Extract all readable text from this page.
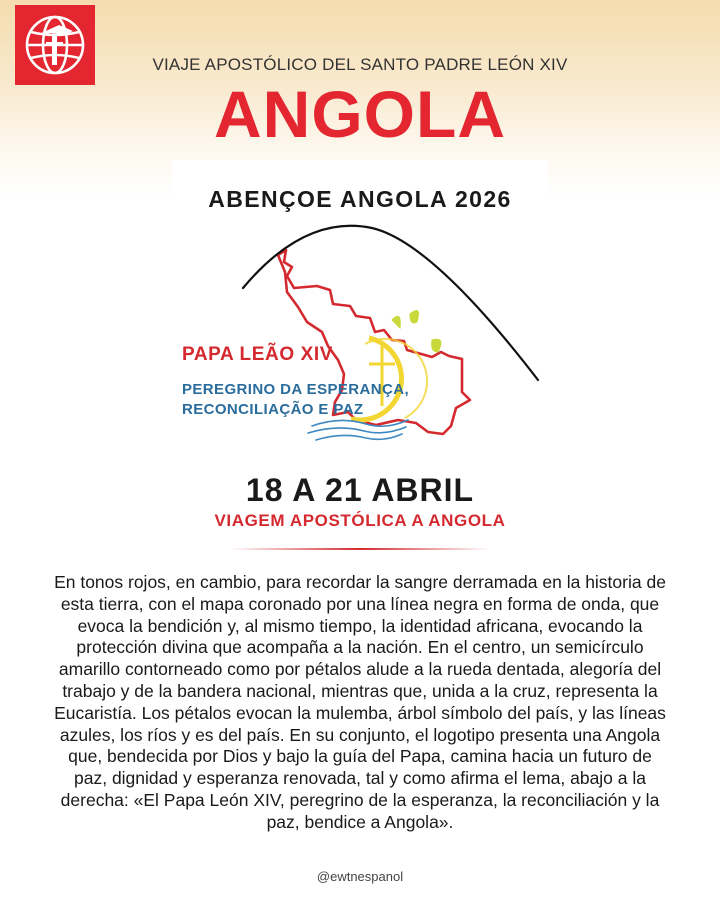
VIAJE APOSTÓLICO DEL SANTO PADRE LEÓN XIV
ANGOLA
ABENÇOE ANGOLA 2026
PAPA LEÃO XIV
PEREGRINO DA ESPERANÇA,
RECONCILIAÇÃO E PAZ
18 A 21 ABRIL
VIAGEM APOSTÓLICA A ANGOLA

En tonos rojos, en cambio, para recordar la sangre derramada en la historia de esta tierra, con el mapa coronado por una línea negra en forma de onda, que evoca la bendición y, al mismo tiempo, la identidad africana, evocando la protección divina que acompaña a la nación. En el centro, un semicírculo amarillo contorneado como por pétalos alude a la rueda dentada, alegoría del trabajo y de la bandera nacional, mientras que, unida a la cruz, representa la Eucaristía. Los pétalos evocan la mulemba, árbol símbolo del país, y las líneas azules, los ríos y es del país. En su conjunto, el logotipo presenta una Angola que, bendecida por Dios y bajo la guía del Papa, camina hacia un futuro de paz, dignidad y esperanza renovada, tal y como afirma el lema, abajo a la derecha: «El Papa León XIV, peregrino de la esperanza, la reconciliación y la paz, bendice a Angola».

@ewtnespanol
